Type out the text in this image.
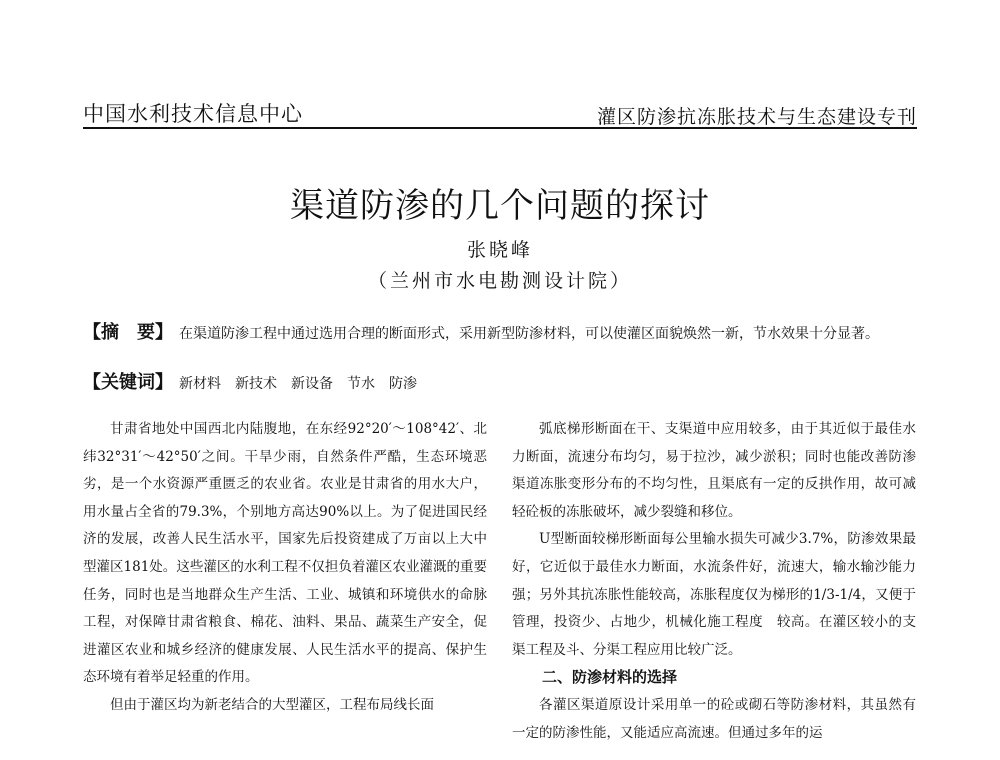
中国水利技术信息中心	灌区防渗抗冻胀技术与生态建设专刊
渠道防渗的几个问题的探讨
张晓峰
（兰州市水电勘测设计院）
【摘　要】 在渠道防渗工程中通过选用合理的断面形式，采用新型防渗材料，可以使灌区面貌焕然一新，节水效果十分显著。
【关键词】 新材料　新技术　新设备　节水　防渗

甘肃省地处中国西北内陆腹地，在东经92°20′～108°42′、北纬32°31′～42°50′之间。干旱少雨，自然条件严酷，生态环境恶劣，是一个水资源严重匮乏的农业省。农业是甘肃省的用水大户，用水量占全省的79.3%，个别地方高达90%以上。为了促进国民经济的发展，改善人民生活水平，国家先后投资建成了万亩以上大中型灌区181处。这些灌区的水利工程不仅担负着灌区农业灌溉的重要任务，同时也是当地群众生产生活、工业、城镇和环境供水的命脉工程，对保障甘肃省粮食、棉花、油料、果品、蔬菜生产安全，促进灌区农业和城乡经济的健康发展、人民生活水平的提高、保护生态环境有着举足轻重的作用。

但由于灌区均为新老结合的大型灌区，工程布局线长面

弧底梯形断面在干、支渠道中应用较多，由于其近似于最佳水力断面，流速分布均匀，易于拉沙，减少淤积；同时也能改善防渗渠道冻胀变形分布的不均匀性，且渠底有一定的反拱作用，故可减轻砼板的冻胀破坏，减少裂缝和移位。

U型断面较梯形断面每公里输水损失可减少3.7%，防渗效果最好，它近似于最佳水力断面，水流条件好，流速大，输水输沙能力强；另外其抗冻胀性能较高，冻胀程度仅为梯形的1/3-1/4，又便于管理，投资少、占地少，机械化施工程度　较高。在灌区较小的支渠工程及斗、分渠工程应用比较广泛。

二、防渗材料的选择

各灌区渠道原设计采用单一的砼或砌石等防渗材料，其虽然有一定的防渗性能，又能适应高流速。但通过多年的运
